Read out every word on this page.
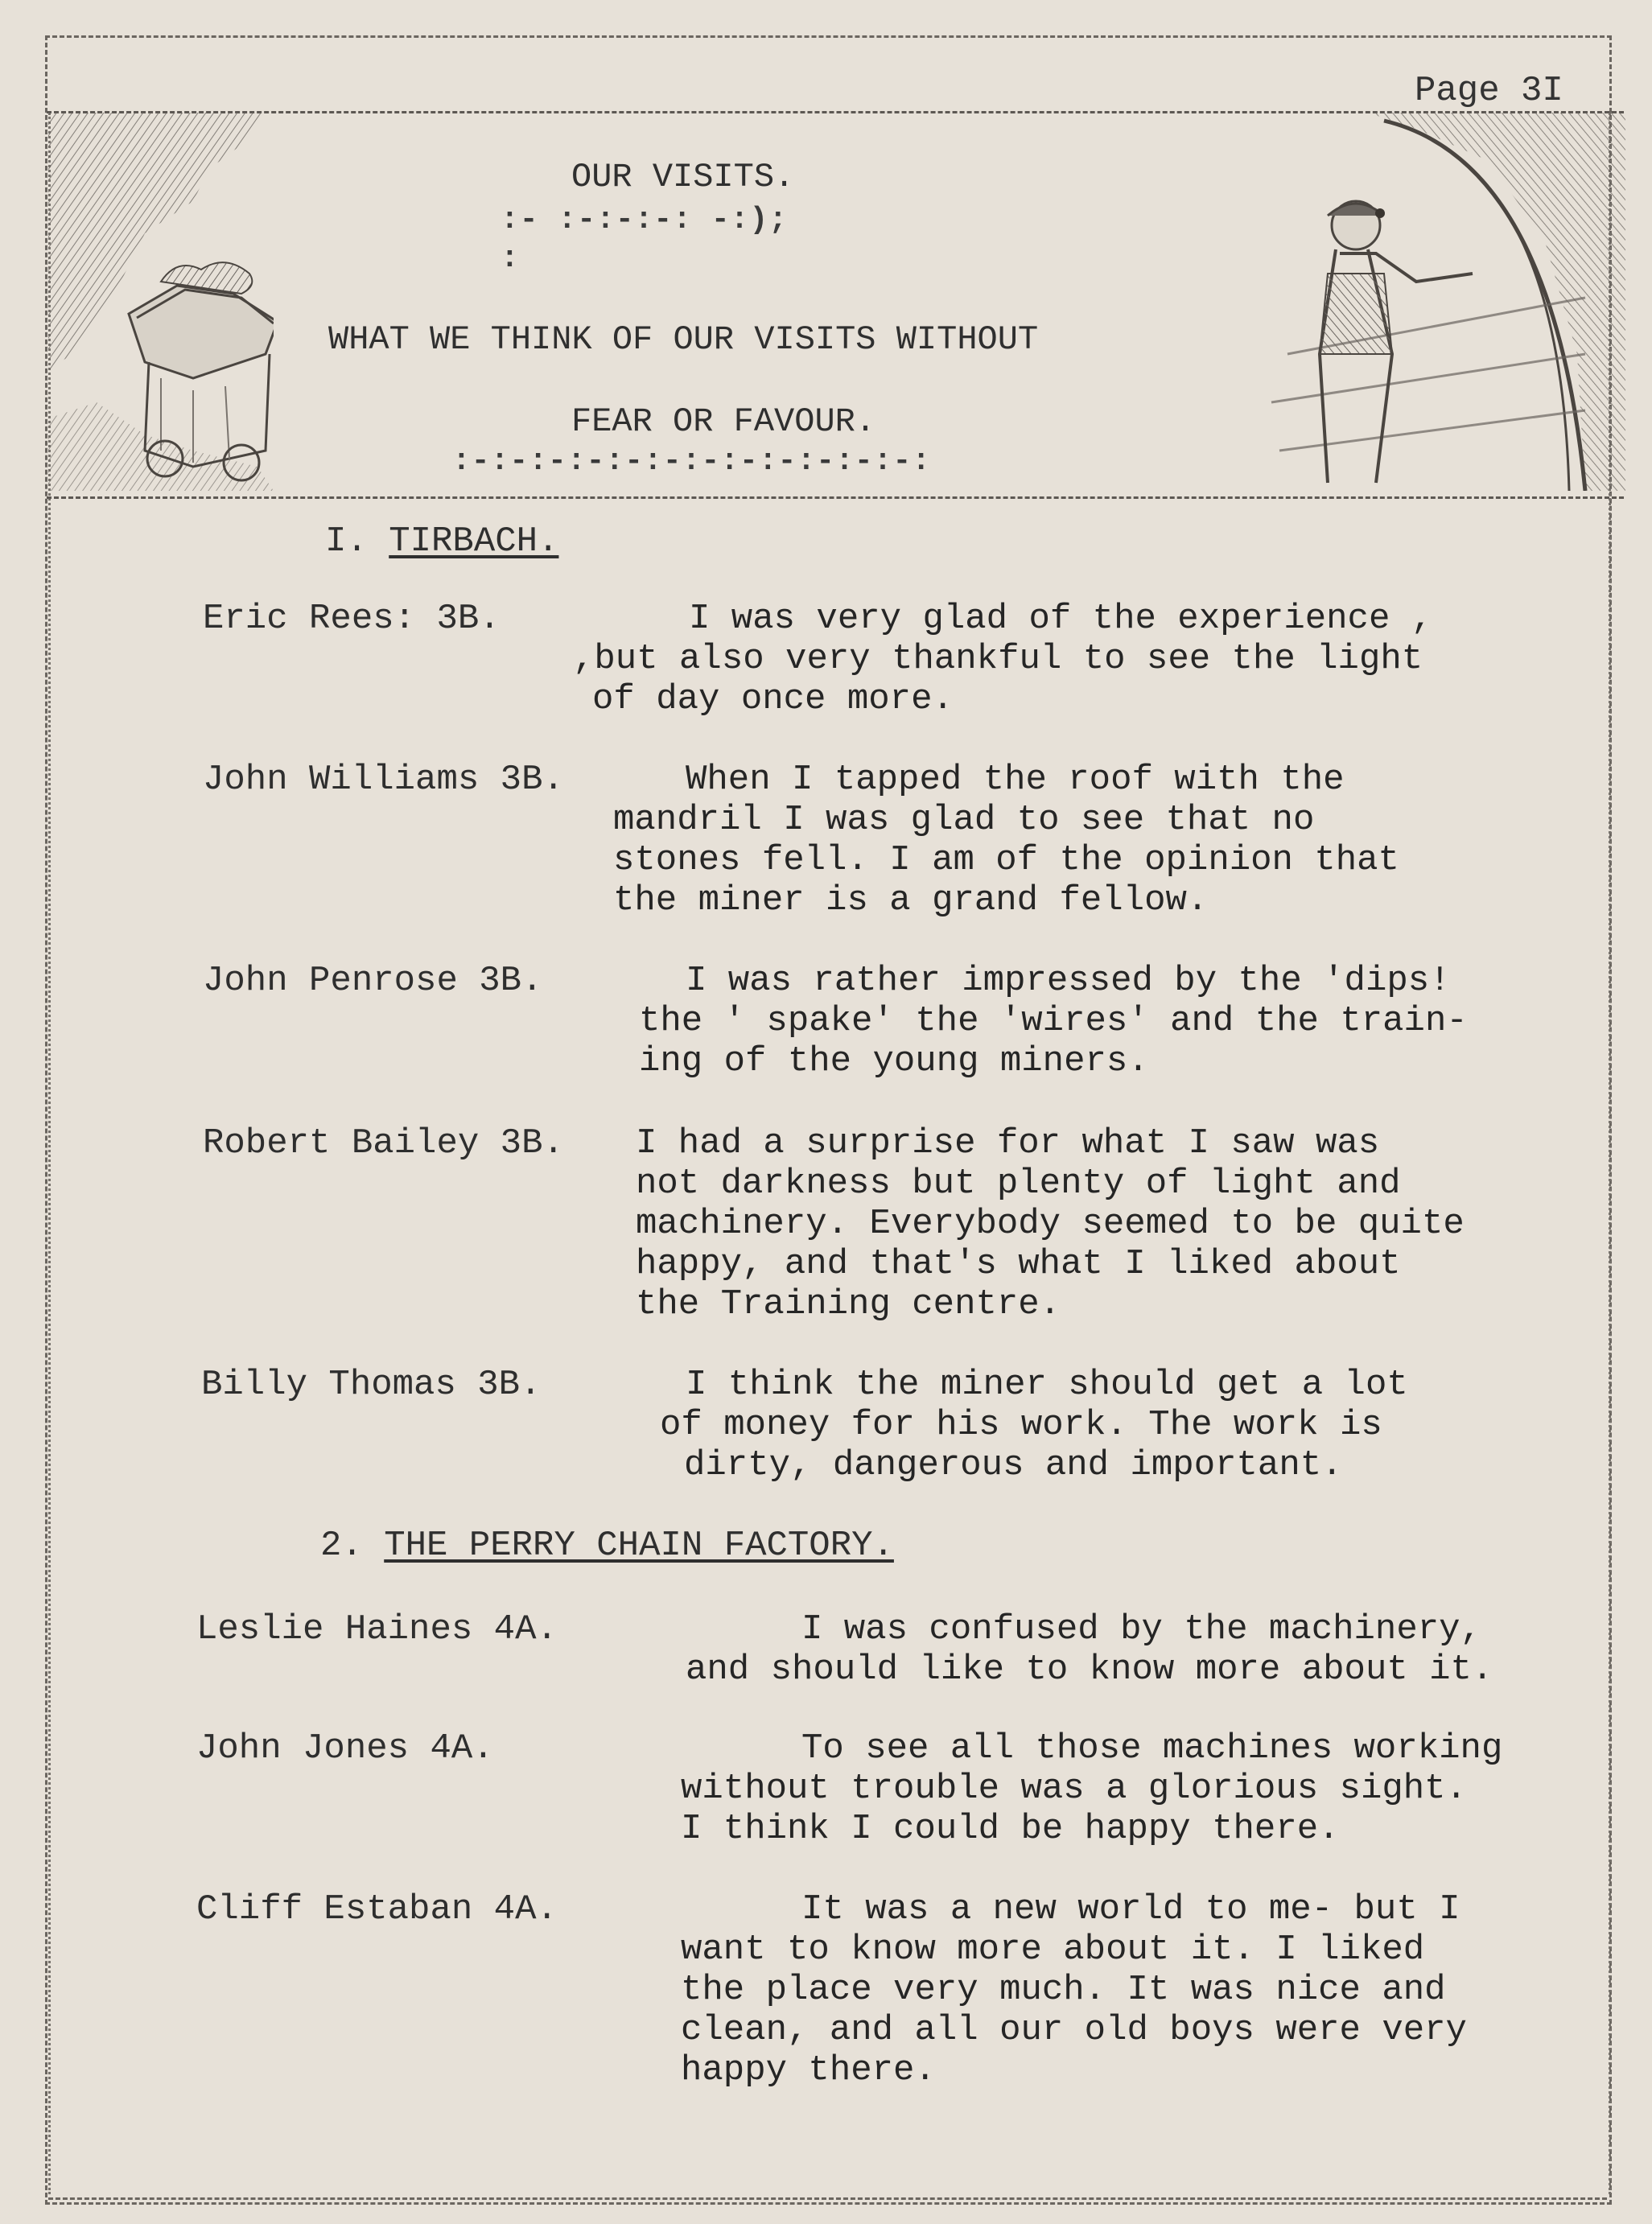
Page 3I
OUR VISITS.
:- :-:-:-: -:);
:
WHAT WE THINK OF OUR VISITS WITHOUT
FEAR OR FAVOUR.
:-:-:-:-:-:-:-:-:-:-:-:-:
I. TIRBACH.
Eric Rees: 3B.	I was very glad of the experience ,
,but also very thankful to see the light
of day once more.
John Williams 3B.	When I tapped the roof with the
mandril I was glad to see that no
stones fell. I am of the opinion that
the miner is a grand fellow.
John Penrose 3B.	I was rather impressed by the 'dips!
the ' spake' the 'wires' and the train-
ing of the young miners.
Robert Bailey 3B. I had a surprise for what I saw was
not darkness but plenty of light and
machinery. Everybody seemed to be quite
happy, and that's what I liked about
the Training centre.
Billy Thomas 3B.	I think the miner should get a lot
of money for his work. The work is
dirty, dangerous and important.
2. THE PERRY CHAIN FACTORY.
Leslie Haines 4A.	I was confused by the machinery,
and should like to know more about it.
John Jones 4A.	To see all those machines working
without trouble was a glorious sight.
I think I could be happy there.
Cliff Estaban 4A.	It was a new world to me- but I
want to know more about it. I liked
the place very much. It was nice and
clean, and all our old boys were very
happy there.
